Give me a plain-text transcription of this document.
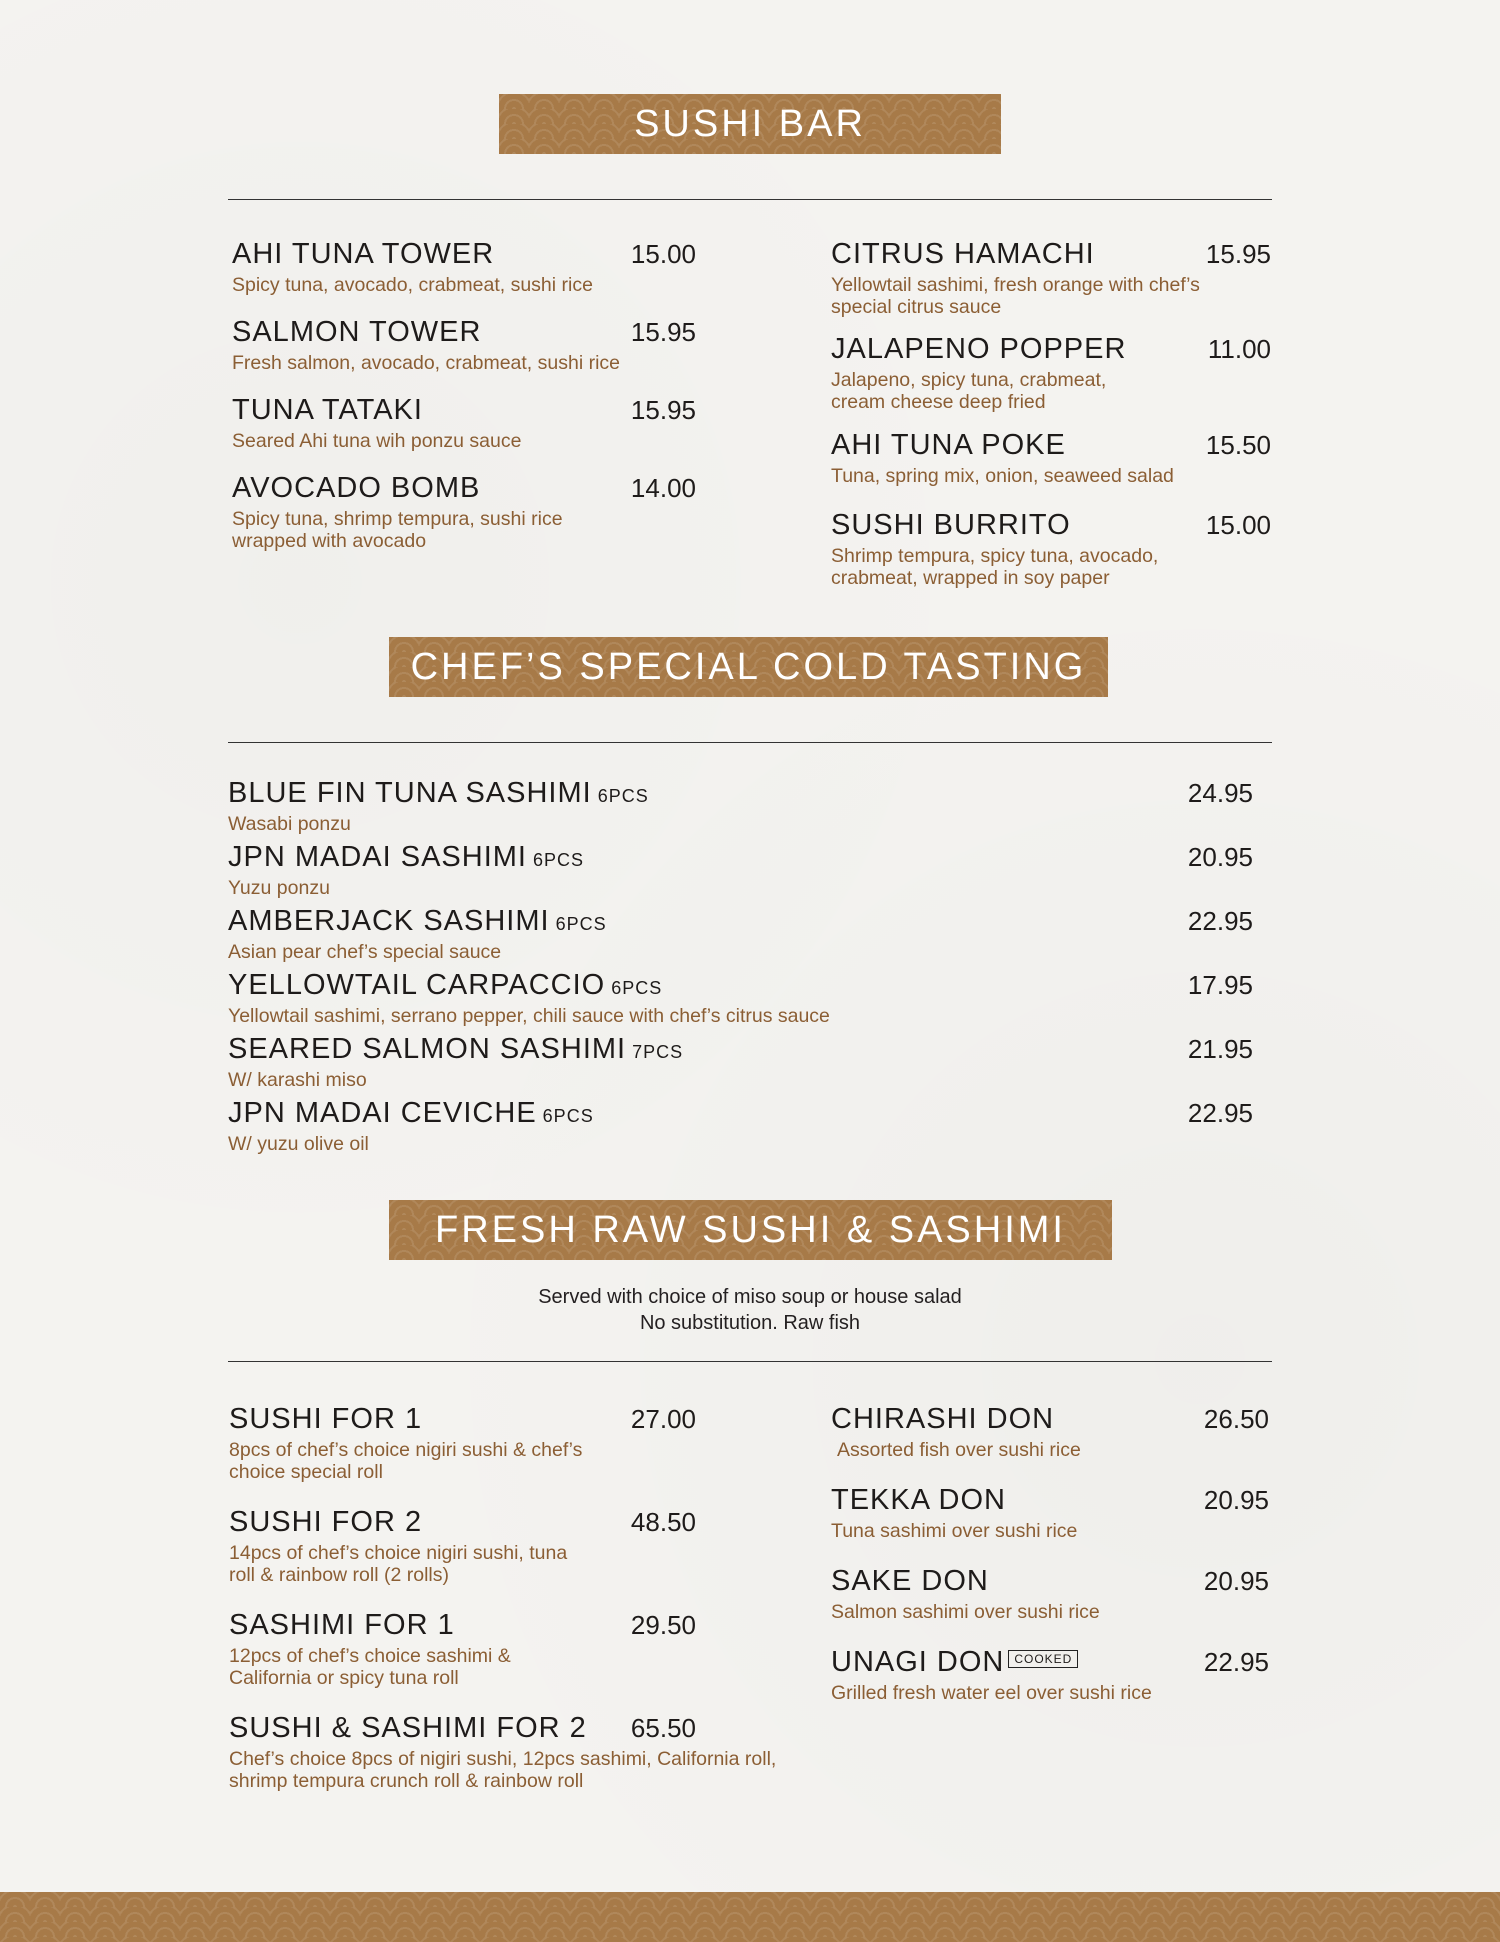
SUSHI BAR
AHI TUNA TOWER	15.00
Spicy tuna, avocado, crabmeat, sushi rice
SALMON TOWER	15.95
Fresh salmon, avocado, crabmeat, sushi rice
TUNA TATAKI	15.95
Seared Ahi tuna wih ponzu sauce
AVOCADO BOMB	14.00
Spicy tuna, shrimp tempura, sushi rice wrapped with avocado
CITRUS HAMACHI	15.95
Yellowtail sashimi, fresh orange with chef’s special citrus sauce
JALAPENO POPPER	11.00
Jalapeno, spicy tuna, crabmeat, cream cheese deep fried
AHI TUNA POKE	15.50
Tuna, spring mix, onion, seaweed salad
SUSHI BURRITO	15.00
Shrimp tempura, spicy tuna, avocado, crabmeat, wrapped in soy paper
CHEF’S SPECIAL COLD TASTING
BLUE FIN TUNA SASHIMI 6PCS	24.95
Wasabi ponzu
JPN MADAI SASHIMI 6PCS	20.95
Yuzu ponzu
AMBERJACK SASHIMI 6PCS	22.95
Asian pear chef’s special sauce
YELLOWTAIL CARPACCIO 6PCS	17.95
Yellowtail sashimi, serrano pepper, chili sauce with chef’s citrus sauce
SEARED SALMON SASHIMI 7PCS	21.95
W/ karashi miso
JPN MADAI CEVICHE 6PCS	22.95
W/ yuzu olive oil
FRESH RAW SUSHI & SASHIMI
Served with choice of miso soup or house salad
No substitution. Raw fish
SUSHI FOR 1	27.00
8pcs of chef’s choice nigiri sushi & chef’s choice special roll
SUSHI FOR 2	48.50
14pcs of chef’s choice nigiri sushi, tuna roll & rainbow roll (2 rolls)
SASHIMI FOR 1	29.50
12pcs of chef’s choice sashimi & California or spicy tuna roll
SUSHI & SASHIMI FOR 2 65.50
Chef’s choice 8pcs of nigiri sushi, 12pcs sashimi, California roll, shrimp tempura crunch roll & rainbow roll
CHIRASHI DON	26.50
Assorted fish over sushi rice
TEKKA DON	20.95
Tuna sashimi over sushi rice
SAKE DON	20.95
Salmon sashimi over sushi rice
UNAGI DON COOKED	22.95
Grilled fresh water eel over sushi rice
